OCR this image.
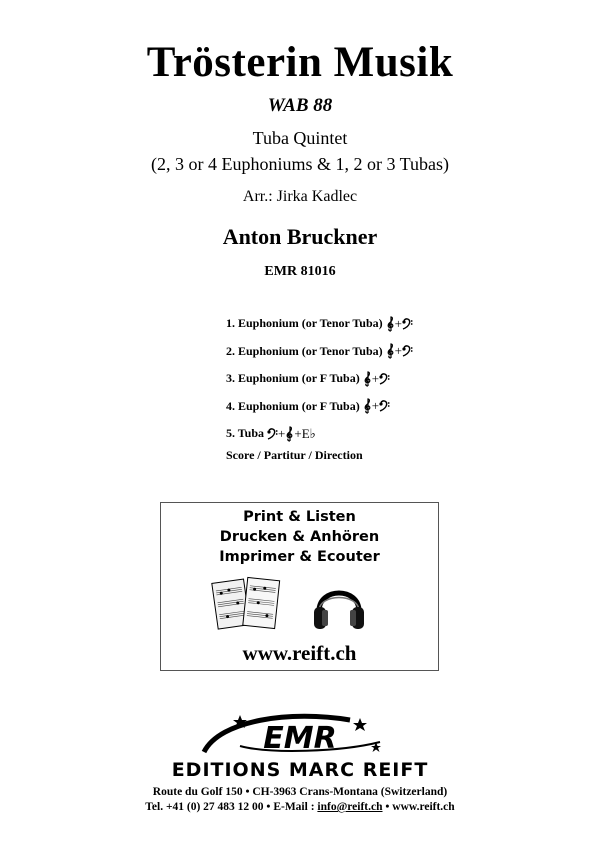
Trösterin Musik
WAB 88
Tuba Quintet
(2, 3 or 4 Euphoniums & 1, 2 or 3 Tubas)
Arr.: Jirka Kadlec
Anton Bruckner
EMR 81016
1. Euphonium (or Tenor Tuba) +
2. Euphonium (or Tenor Tuba) +
3. Euphonium (or F Tuba) +
4. Euphonium (or F Tuba) +
5. Tuba + + E♭
Score / Partitur / Direction
Print & Listen
Drucken & Anhören
Imprimer & Ecouter
www.reift.ch
EMR
EDITIONS MARC REIFT
Route du Golf 150 • CH-3963 Crans-Montana (Switzerland)
Tel. +41 (0) 27 483 12 00 • E-Mail : info@reift.ch • www.reift.ch
